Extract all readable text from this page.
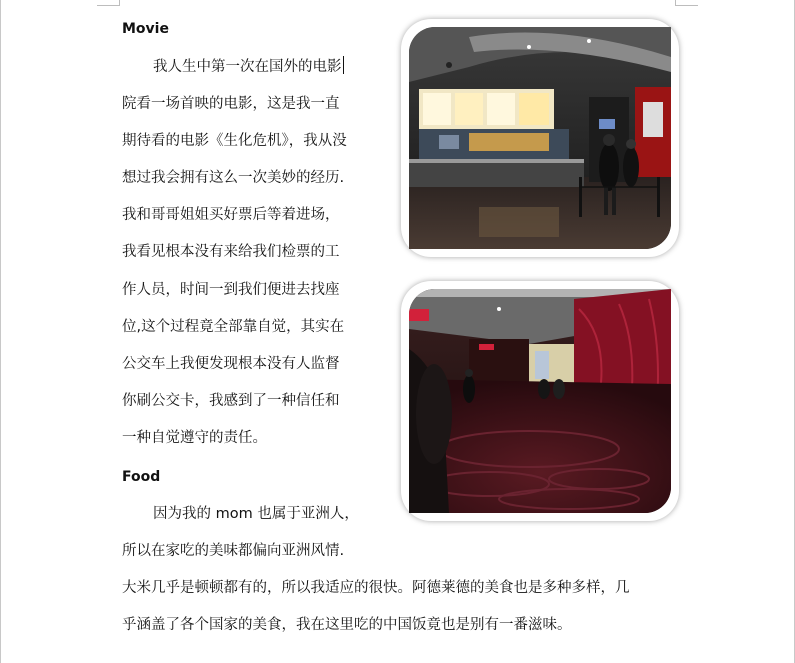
Movie
我人生中第一次在国外的电影
院看一场首映的电影，这是我一直
期待看的电影《生化危机》，我从没
想过我会拥有这么一次美妙的经历.
我和哥哥姐姐买好票后等着进场，
我看见根本没有来给我们检票的工
作人员，时间一到我们便进去找座
位,这个过程竟全部靠自觉，其实在
公交车上我便发现根本没有人监督
你刷公交卡，我感到了一种信任和
一种自觉遵守的责任。
Food
因为我的 mom 也属于亚洲人，
所以在家吃的美味都偏向亚洲风情.
大米几乎是顿顿都有的，所以我适应的很快。阿德莱德的美食也是多种多样，几
乎涵盖了各个国家的美食，我在这里吃的中国饭竟也是别有一番滋味。
